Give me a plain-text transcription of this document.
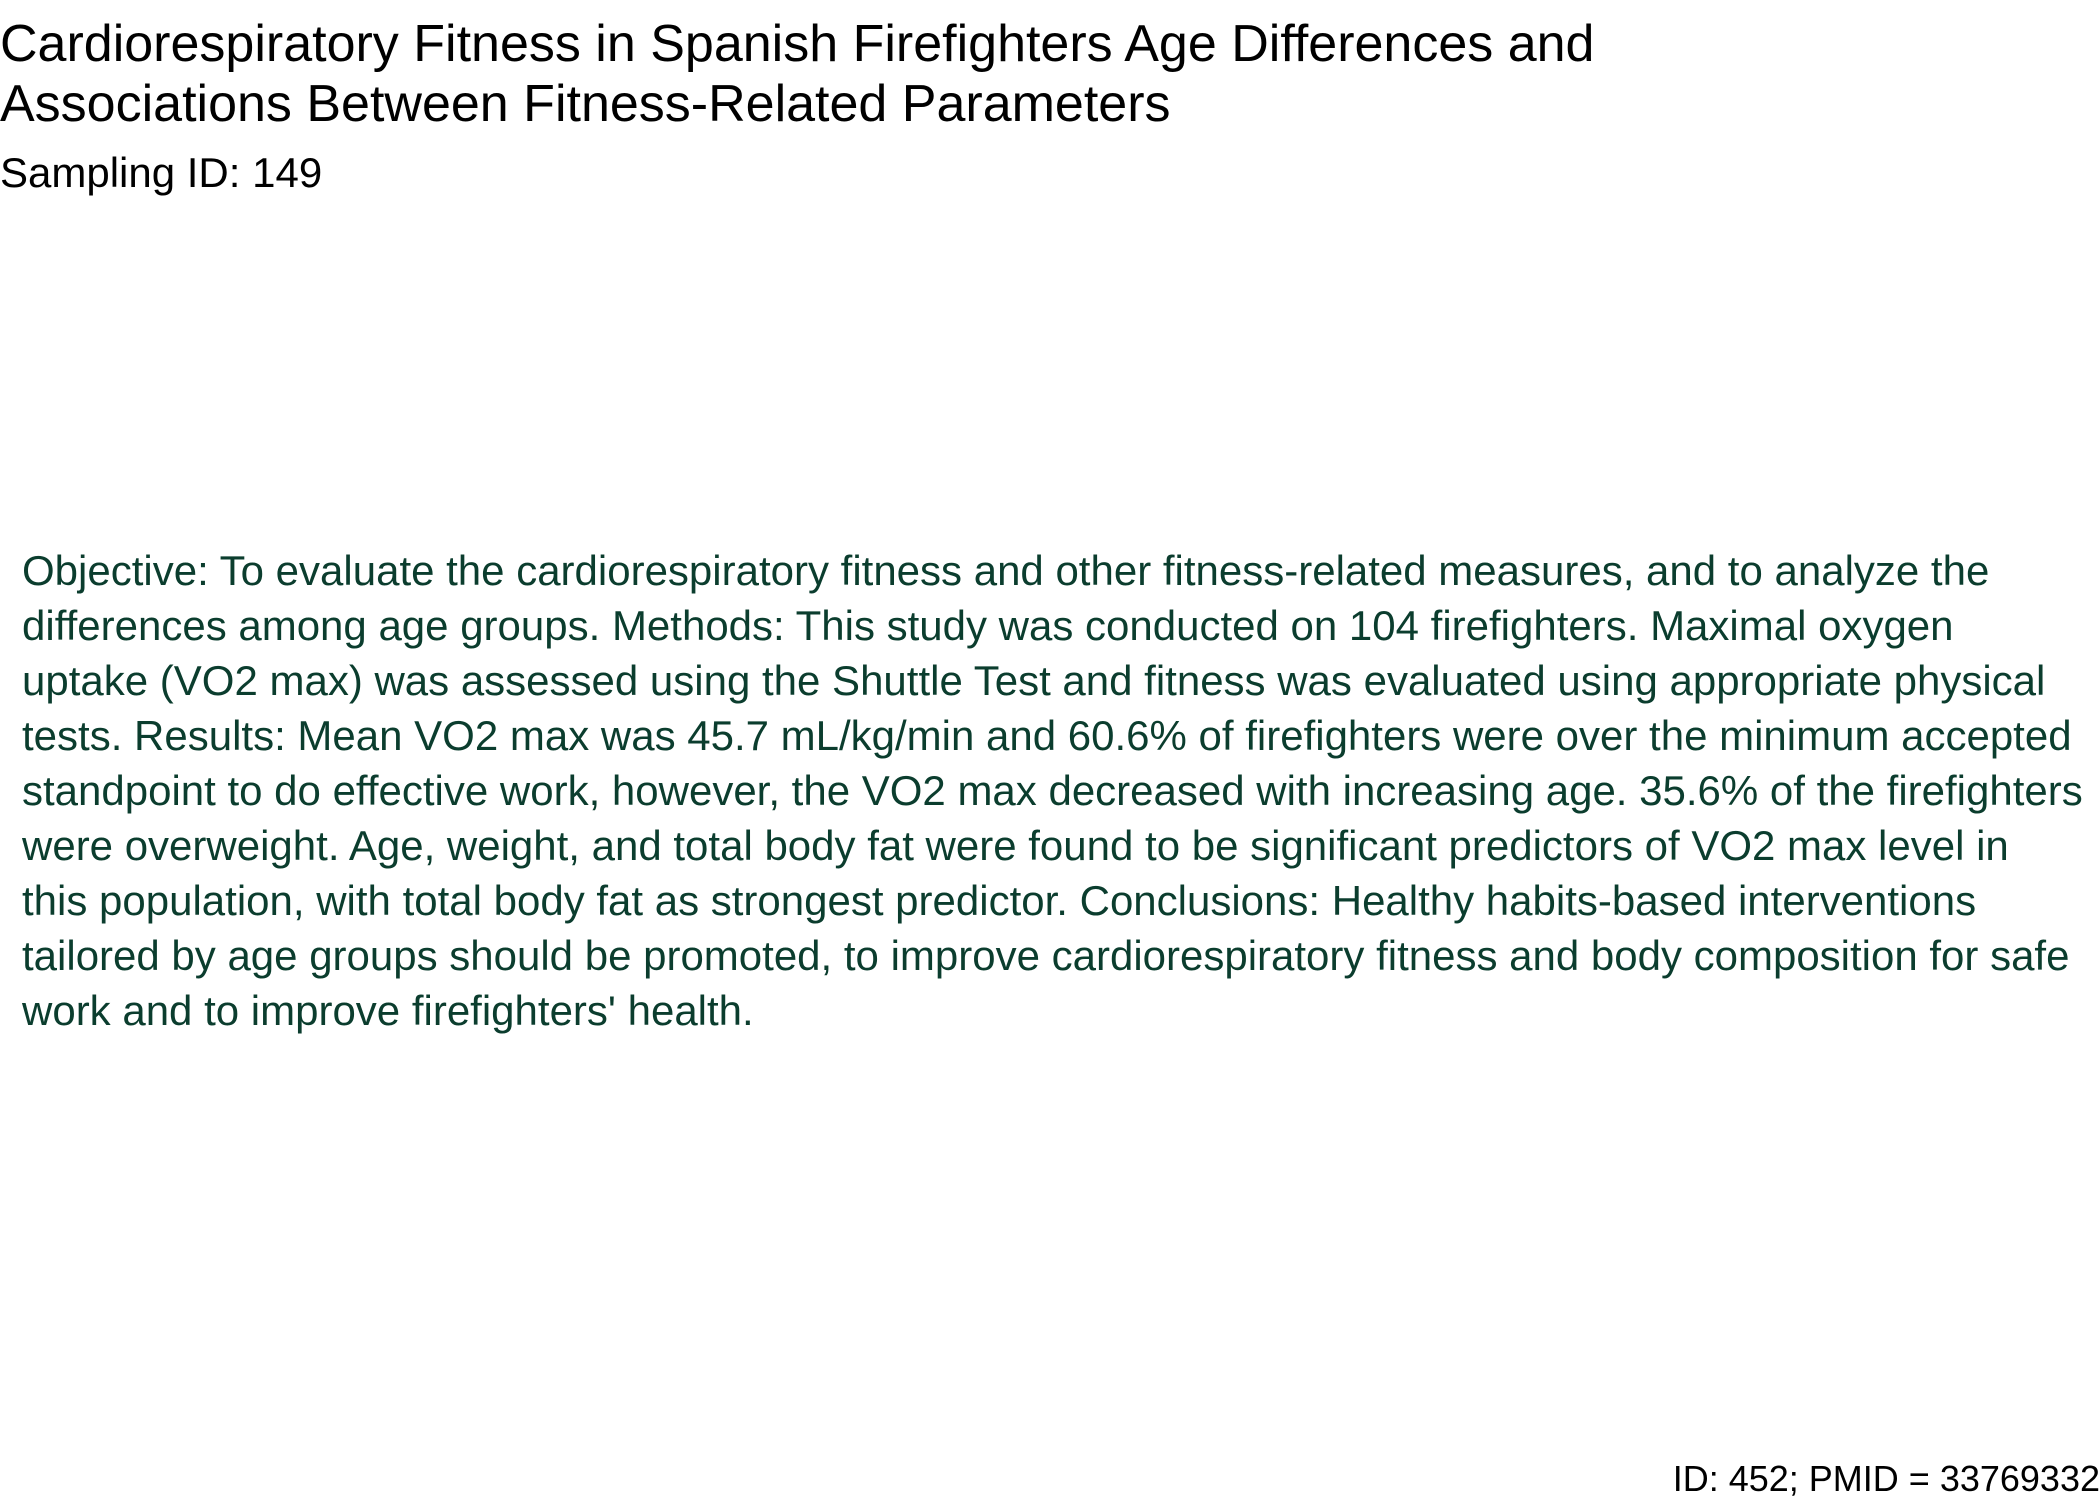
Cardiorespiratory Fitness in Spanish Firefighters Age Differences and Associations Between Fitness-Related Parameters

Sampling ID: 149

Objective: To evaluate the cardiorespiratory fitness and other fitness-related measures, and to analyze the differences among age groups. Methods: This study was conducted on 104 firefighters. Maximal oxygen uptake (VO2 max) was assessed using the Shuttle Test and fitness was evaluated using appropriate physical tests. Results: Mean VO2 max was 45.7 mL/kg/min and 60.6% of firefighters were over the minimum accepted standpoint to do effective work, however, the VO2 max decreased with increasing age. 35.6% of the firefighters were overweight. Age, weight, and total body fat were found to be significant predictors of VO2 max level in this population, with total body fat as strongest predictor. Conclusions: Healthy habits-based interventions tailored by age groups should be promoted, to improve cardiorespiratory fitness and body composition for safe work and to improve firefighters' health.

ID: 452; PMID = 33769332
